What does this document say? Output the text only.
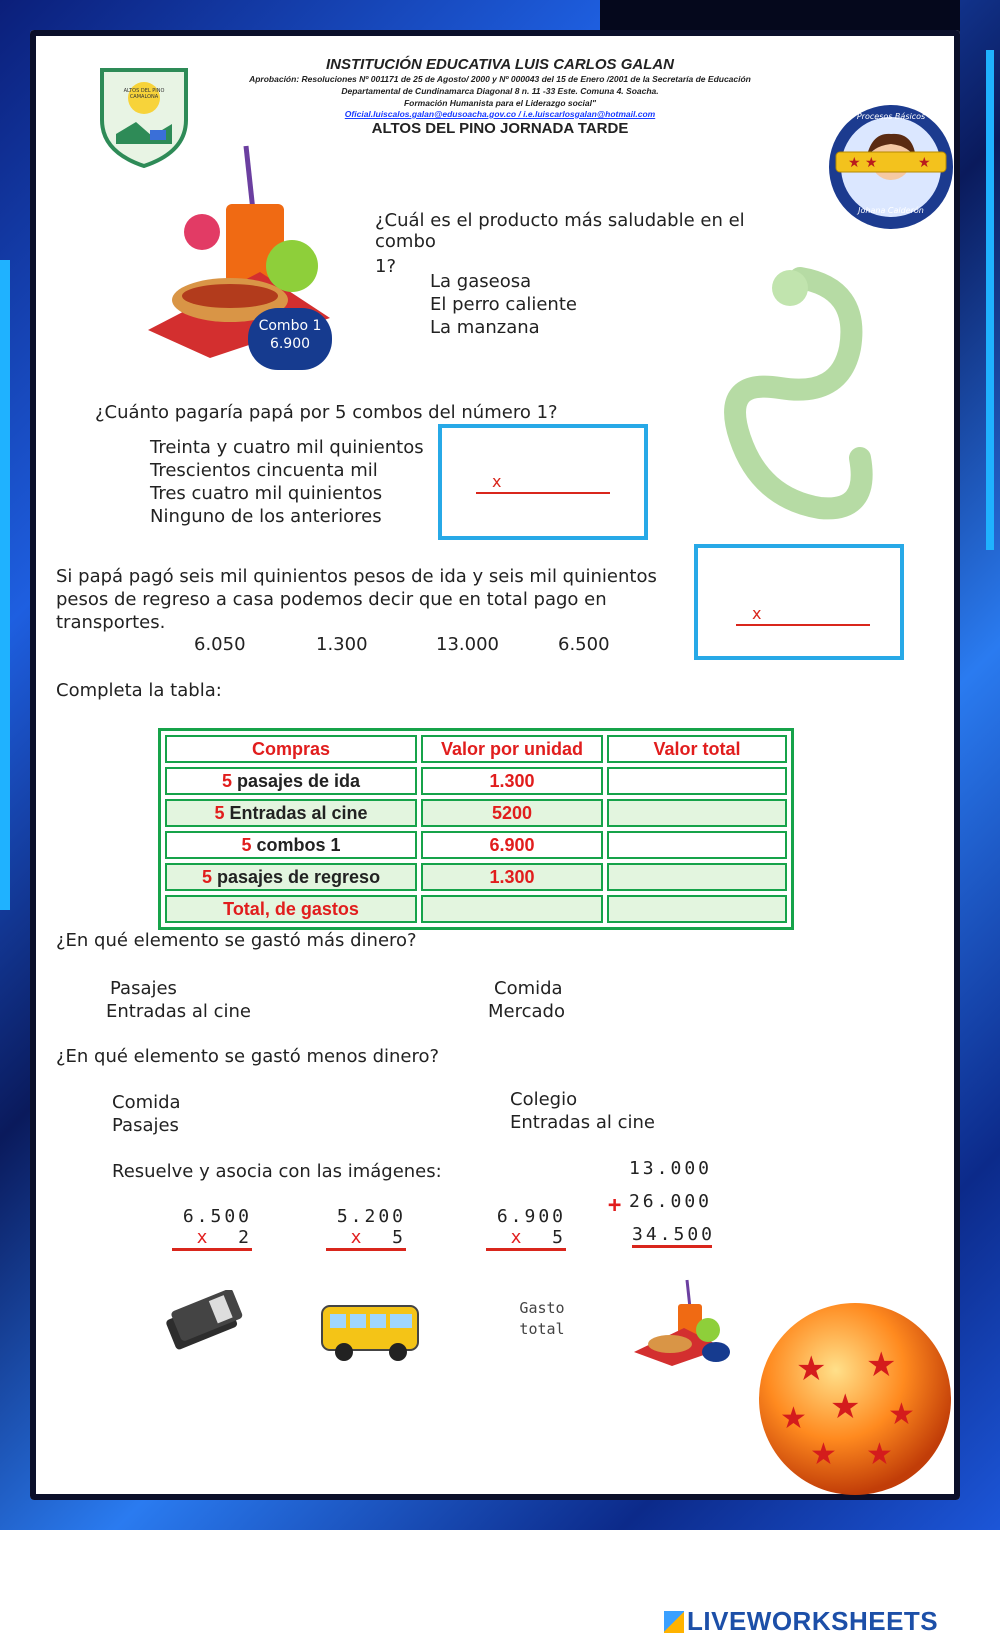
ALTOS DEL PINO CAMALONA
INSTITUCIÓN EDUCATIVA LUIS CARLOS GALAN
Aprobación: Resoluciones Nº 001171 de 25 de Agosto/ 2000 y Nº 000043 del 15 de Enero /2001 de la Secretaría de Educación
Departamental de Cundinamarca Diagonal 8 n. 11 -33 Este. Comuna 4. Soacha.
Formación Humanista para el Liderazgo social"
Oficial.luiscalos.galan@edusoacha.gov.co / i.e.luiscarlosgalan@hotmail.com
ALTOS DEL PINO JORNADA TARDE
★ ★	★
Procesos Básicos
Johana Calderón
Combo 1
6.900
¿Cuál es el producto más saludable en el combo
1?
La gaseosa
El perro caliente
La manzana
¿Cuánto pagaría papá por 5 combos del número 1?
Treinta y cuatro mil quinientos
Trescientos cincuenta mil
Tres cuatro mil quinientos
Ninguno de los anteriores
x
Si papá pagó seis mil quinientos pesos de ida y seis mil quinientos
pesos de regreso a casa podemos decir que en total pago en
transportes.
6.050	1.300	13.000	6.500
x
Completa la tabla:
Compras	Valor por unidad	Valor total
5 pasajes de ida	1.300	
5 Entradas al cine	5200	
5 combos 1	6.900	
5 pasajes de regreso	1.300	
Total, de gastos		
¿En qué elemento se gastó más dinero?
Pasajes
Entradas al cine
Comida
Mercado
¿En qué elemento se gastó menos dinero?
Comida
Pasajes
Colegio
Entradas al cine
Resuelve y asocia con las imágenes:
6.500
x 2
5.200
x 5
6.900
x 5
13.000
+ 26.000
34.500
Gasto
total
★ ★
★ ★
★
★ ★
LIVEWORKSHEETS
